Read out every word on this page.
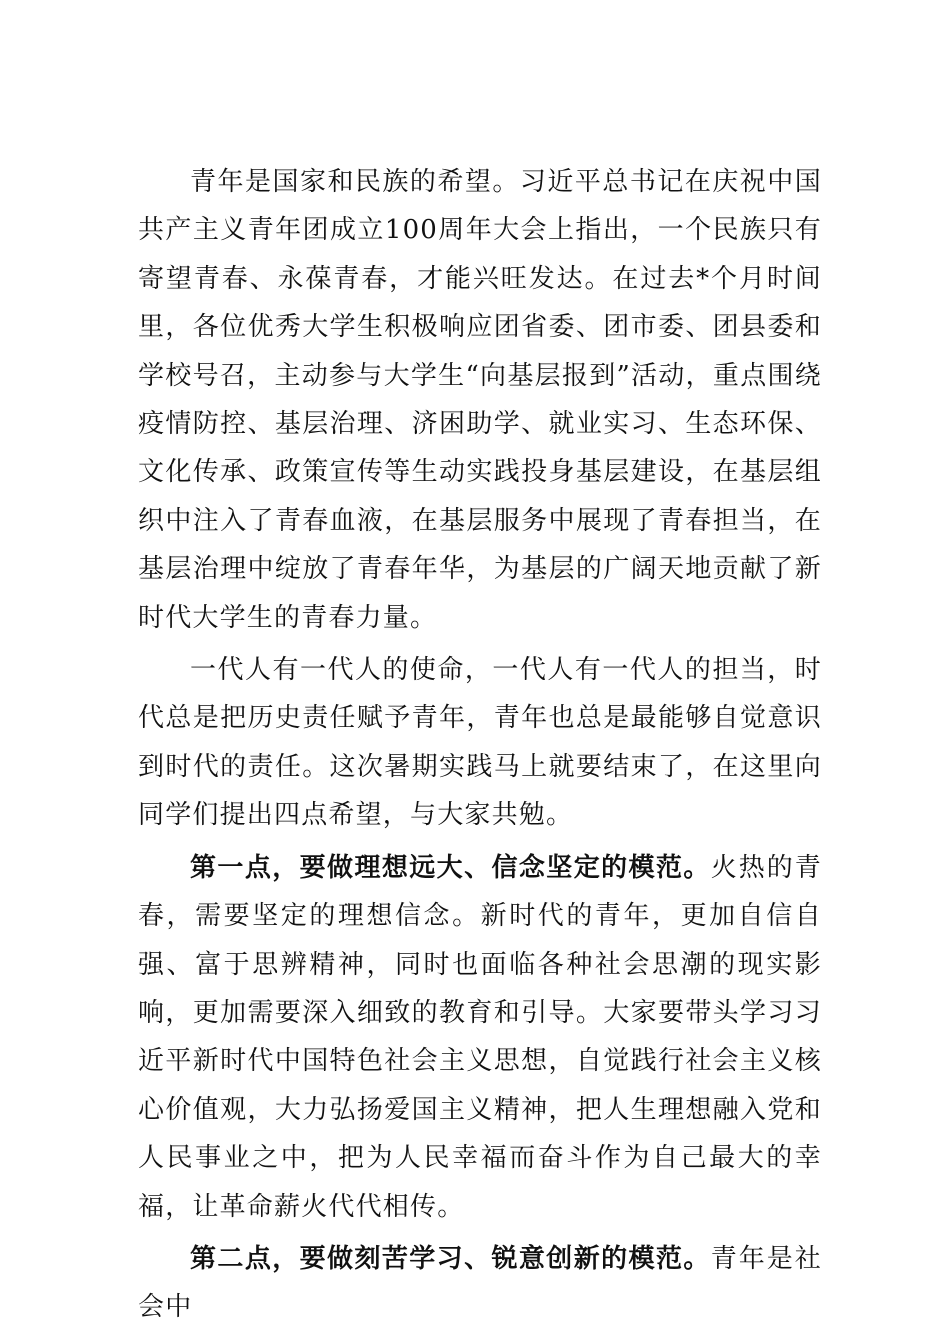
青年是国家和民族的希望。习近平总书记在庆祝中国共产主义青年团成立100周年大会上指出，一个民族只有寄望青春、永葆青春，才能兴旺发达。在过去*个月时间里，各位优秀大学生积极响应团省委、团市委、团县委和学校号召，主动参与大学生“向基层报到”活动，重点围绕疫情防控、基层治理、济困助学、就业实习、生态环保、文化传承、政策宣传等生动实践投身基层建设，在基层组织中注入了青春血液，在基层服务中展现了青春担当，在基层治理中绽放了青春年华，为基层的广阔天地贡献了新时代大学生的青春力量。

一代人有一代人的使命，一代人有一代人的担当，时代总是把历史责任赋予青年，青年也总是最能够自觉意识到时代的责任。这次暑期实践马上就要结束了，在这里向同学们提出四点希望，与大家共勉。

第一点，要做理想远大、信念坚定的模范。火热的青春，需要坚定的理想信念。新时代的青年，更加自信自强、富于思辨精神，同时也面临各种社会思潮的现实影响，更加需要深入细致的教育和引导。大家要带头学习习近平新时代中国特色社会主义思想，自觉践行社会主义核心价值观，大力弘扬爱国主义精神，把人生理想融入党和人民事业之中，把为人民幸福而奋斗作为自己最大的幸福，让革命薪火代代相传。

第二点，要做刻苦学习、锐意创新的模范。青年是社会中
